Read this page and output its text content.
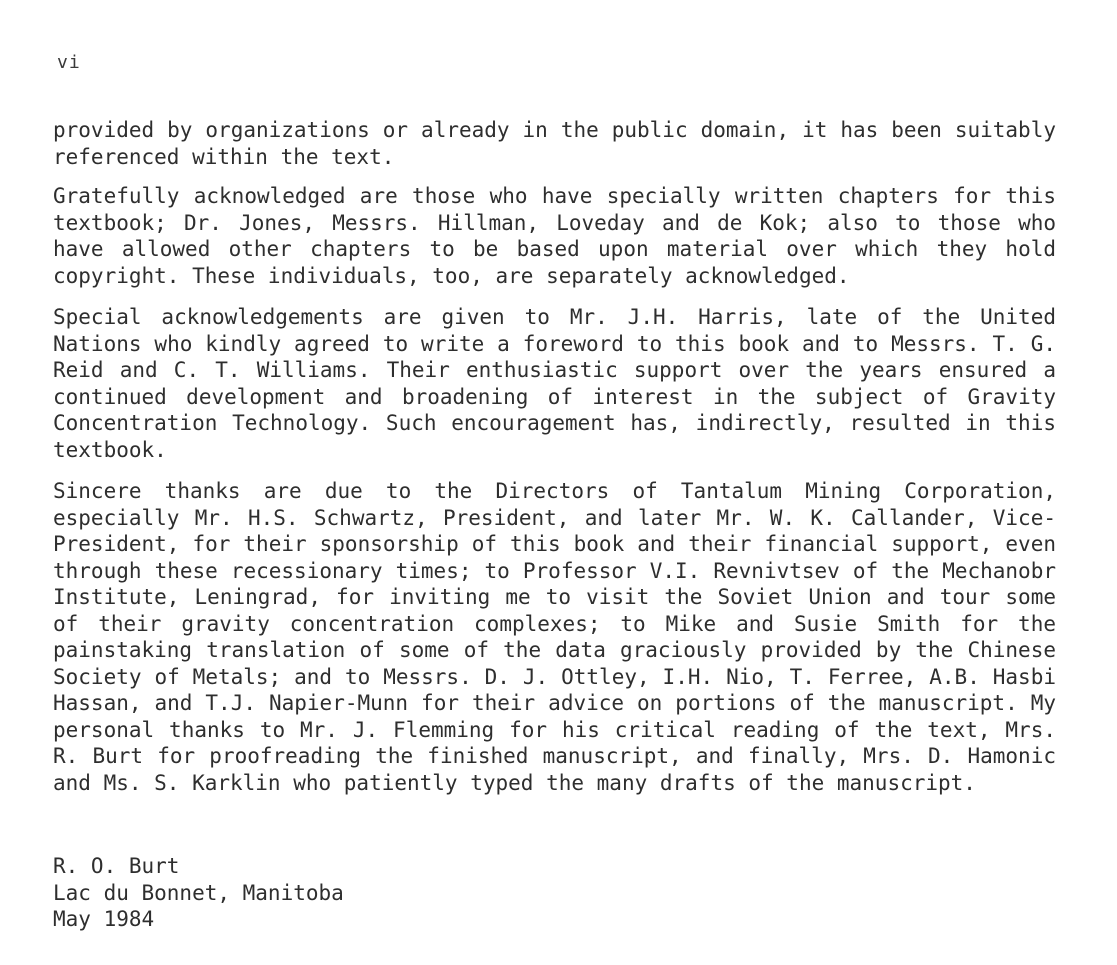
vi

provided by organizations or already in the public domain, it has been suitably referenced within the text.

Gratefully acknowledged are those who have specially written chapters for this textbook; Dr. Jones, Messrs. Hillman, Loveday and de Kok; also to those who have allowed other chapters to be based upon material over which they hold copyright. These individuals, too, are separately acknowledged.

Special acknowledgements are given to Mr. J.H. Harris, late of the United Nations who kindly agreed to write a foreword to this book and to Messrs. T. G. Reid and C. T. Williams. Their enthusiastic support over the years ensured a continued development and broadening of interest in the subject of Gravity Concentration Technology. Such encouragement has, indirectly, resulted in this textbook.

Sincere thanks are due to the Directors of Tantalum Mining Corporation, especially Mr. H.S. Schwartz, President, and later Mr. W. K. Callander, Vice-President, for their sponsorship of this book and their financial support, even through these recessionary times; to Professor V.I. Revnivtsev of the Mechanobr Institute, Leningrad, for inviting me to visit the Soviet Union and tour some of their gravity concentration complexes; to Mike and Susie Smith for the painstaking translation of some of the data graciously provided by the Chinese Society of Metals; and to Messrs. D. J. Ottley, I.H. Nio, T. Ferree, A.B. Hasbi Hassan, and T.J. Napier-Munn for their advice on portions of the manuscript. My personal thanks to Mr. J. Flemming for his critical reading of the text, Mrs. R. Burt for proofreading the finished manuscript, and finally, Mrs. D. Hamonic and Ms. S. Karklin who patiently typed the many drafts of the manuscript.

R. O. Burt
Lac du Bonnet, Manitoba
May 1984
